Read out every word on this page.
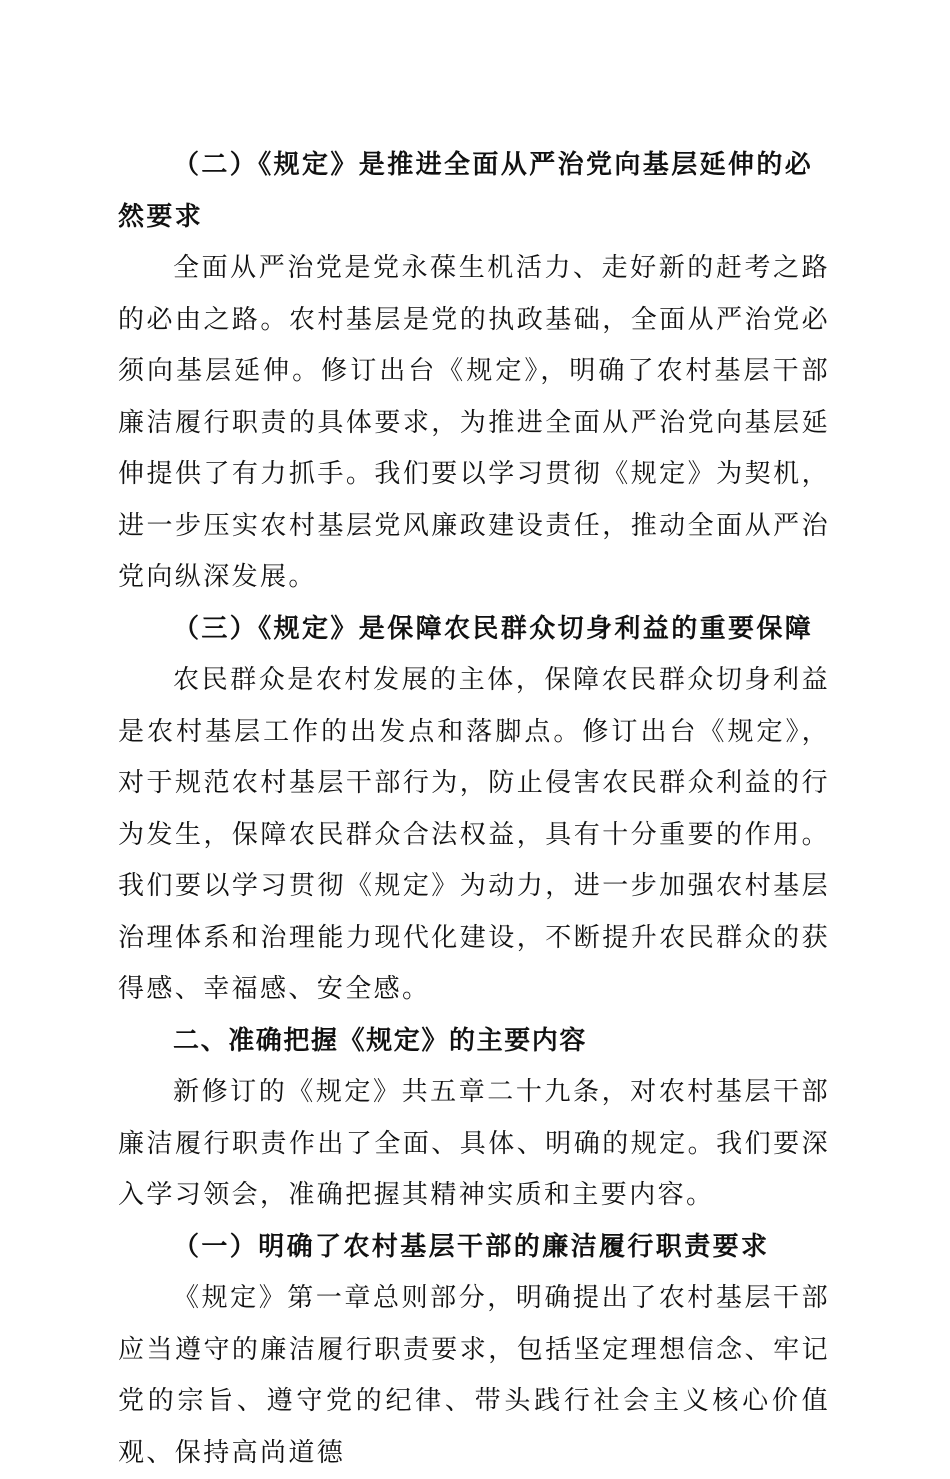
（二）《规定》是推进全面从严治党向基层延伸的必然要求

全面从严治党是党永葆生机活力、走好新的赶考之路的必由之路。农村基层是党的执政基础，全面从严治党必须向基层延伸。修订出台《规定》，明确了农村基层干部廉洁履行职责的具体要求，为推进全面从严治党向基层延伸提供了有力抓手。我们要以学习贯彻《规定》为契机，进一步压实农村基层党风廉政建设责任，推动全面从严治党向纵深发展。

（三）《规定》是保障农民群众切身利益的重要保障

农民群众是农村发展的主体，保障农民群众切身利益是农村基层工作的出发点和落脚点。修订出台《规定》，对于规范农村基层干部行为，防止侵害农民群众利益的行为发生，保障农民群众合法权益，具有十分重要的作用。我们要以学习贯彻《规定》为动力，进一步加强农村基层治理体系和治理能力现代化建设，不断提升农民群众的获得感、幸福感、安全感。

二、准确把握《规定》的主要内容

新修订的《规定》共五章二十九条，对农村基层干部廉洁履行职责作出了全面、具体、明确的规定。我们要深入学习领会，准确把握其精神实质和主要内容。

（一）明确了农村基层干部的廉洁履行职责要求

《规定》第一章总则部分，明确提出了农村基层干部应当遵守的廉洁履行职责要求，包括坚定理想信念、牢记党的宗旨、遵守党的纪律、带头践行社会主义核心价值观、保持高尚道德
